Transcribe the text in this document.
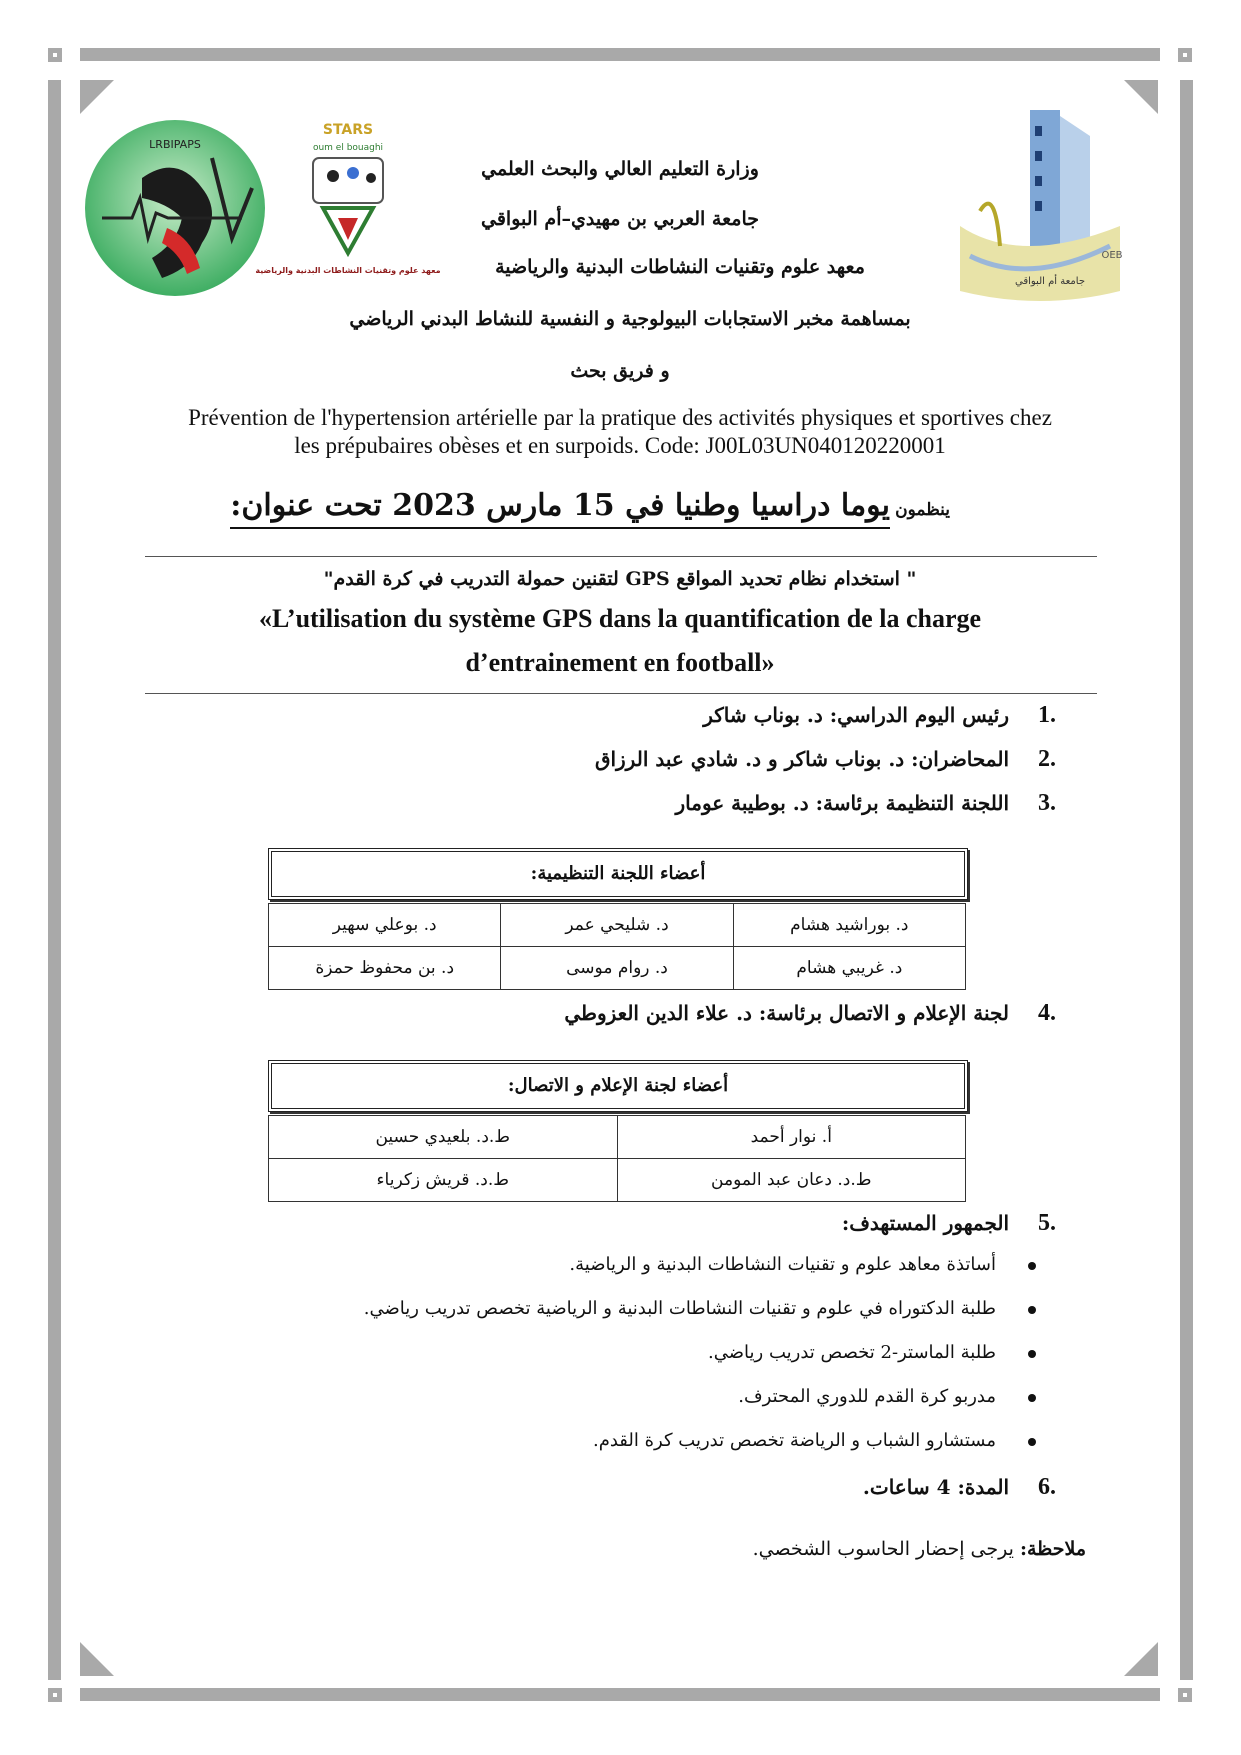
LRBIPAPS
STARS
oum el bouaghi
معهد علوم وتقنيات النشاطات البدنية والرياضية
جامعة أم البواقي
OEB
وزارة التعليم العالي والبحث العلمي
جامعة العربي بن مهيدي–أم البواقي
معهد علوم وتقنيات النشاطات البدنية والرياضية
بمساهمة مخبر الاستجابات البيولوجية و النفسية للنشاط البدني الرياضي
و فريق بحث
Prévention de l'hypertension artérielle par la pratique des activités physiques et sportives chez
les prépubaires obèses et en surpoids. Code: J00L03UN040120220001
ينظمون يوما دراسيا وطنيا في 15 مارس 2023 تحت عنوان:
" استخدام نظام تحديد المواقع GPS لتقنين حمولة التدريب في كرة القدم"
«L’utilisation du système GPS dans la quantification de la charge
d’entrainement en football»
.1 رئيس اليوم الدراسي: د. بوناب شاكر
.2 المحاضران: د. بوناب شاكر و د. شادي عبد الرزاق
.3 اللجنة التنظيمة برئاسة: د. بوطيبة عومار
أعضاء اللجنة التنظيمية:
د. بوراشيد هشام	د. شليحي عمر	د. بوعلي سهير
د. غريبي هشام	د. روام موسى	د. بن محفوظ حمزة
.4 لجنة الإعلام و الاتصال برئاسة: د. علاء الدين العزوطي
أعضاء لجنة الإعلام و الاتصال:
أ. نوار أحمد	ط.د. بلعيدي حسين
ط.د. دعان عبد المومن	ط.د. قريش زكرياء
.5 الجمهور المستهدف:
أساتذة معاهد علوم و تقنيات النشاطات البدنية و الرياضية.
طلبة الدكتوراه في علوم و تقنيات النشاطات البدنية و الرياضية تخصص تدريب رياضي.
طلبة الماستر-2 تخصص تدريب رياضي.
مدربو كرة القدم للدوري المحترف.
مستشارو الشباب و الرياضة تخصص تدريب كرة القدم.
.6 المدة: 4 ساعات.
ملاحظة: يرجى إحضار الحاسوب الشخصي.
